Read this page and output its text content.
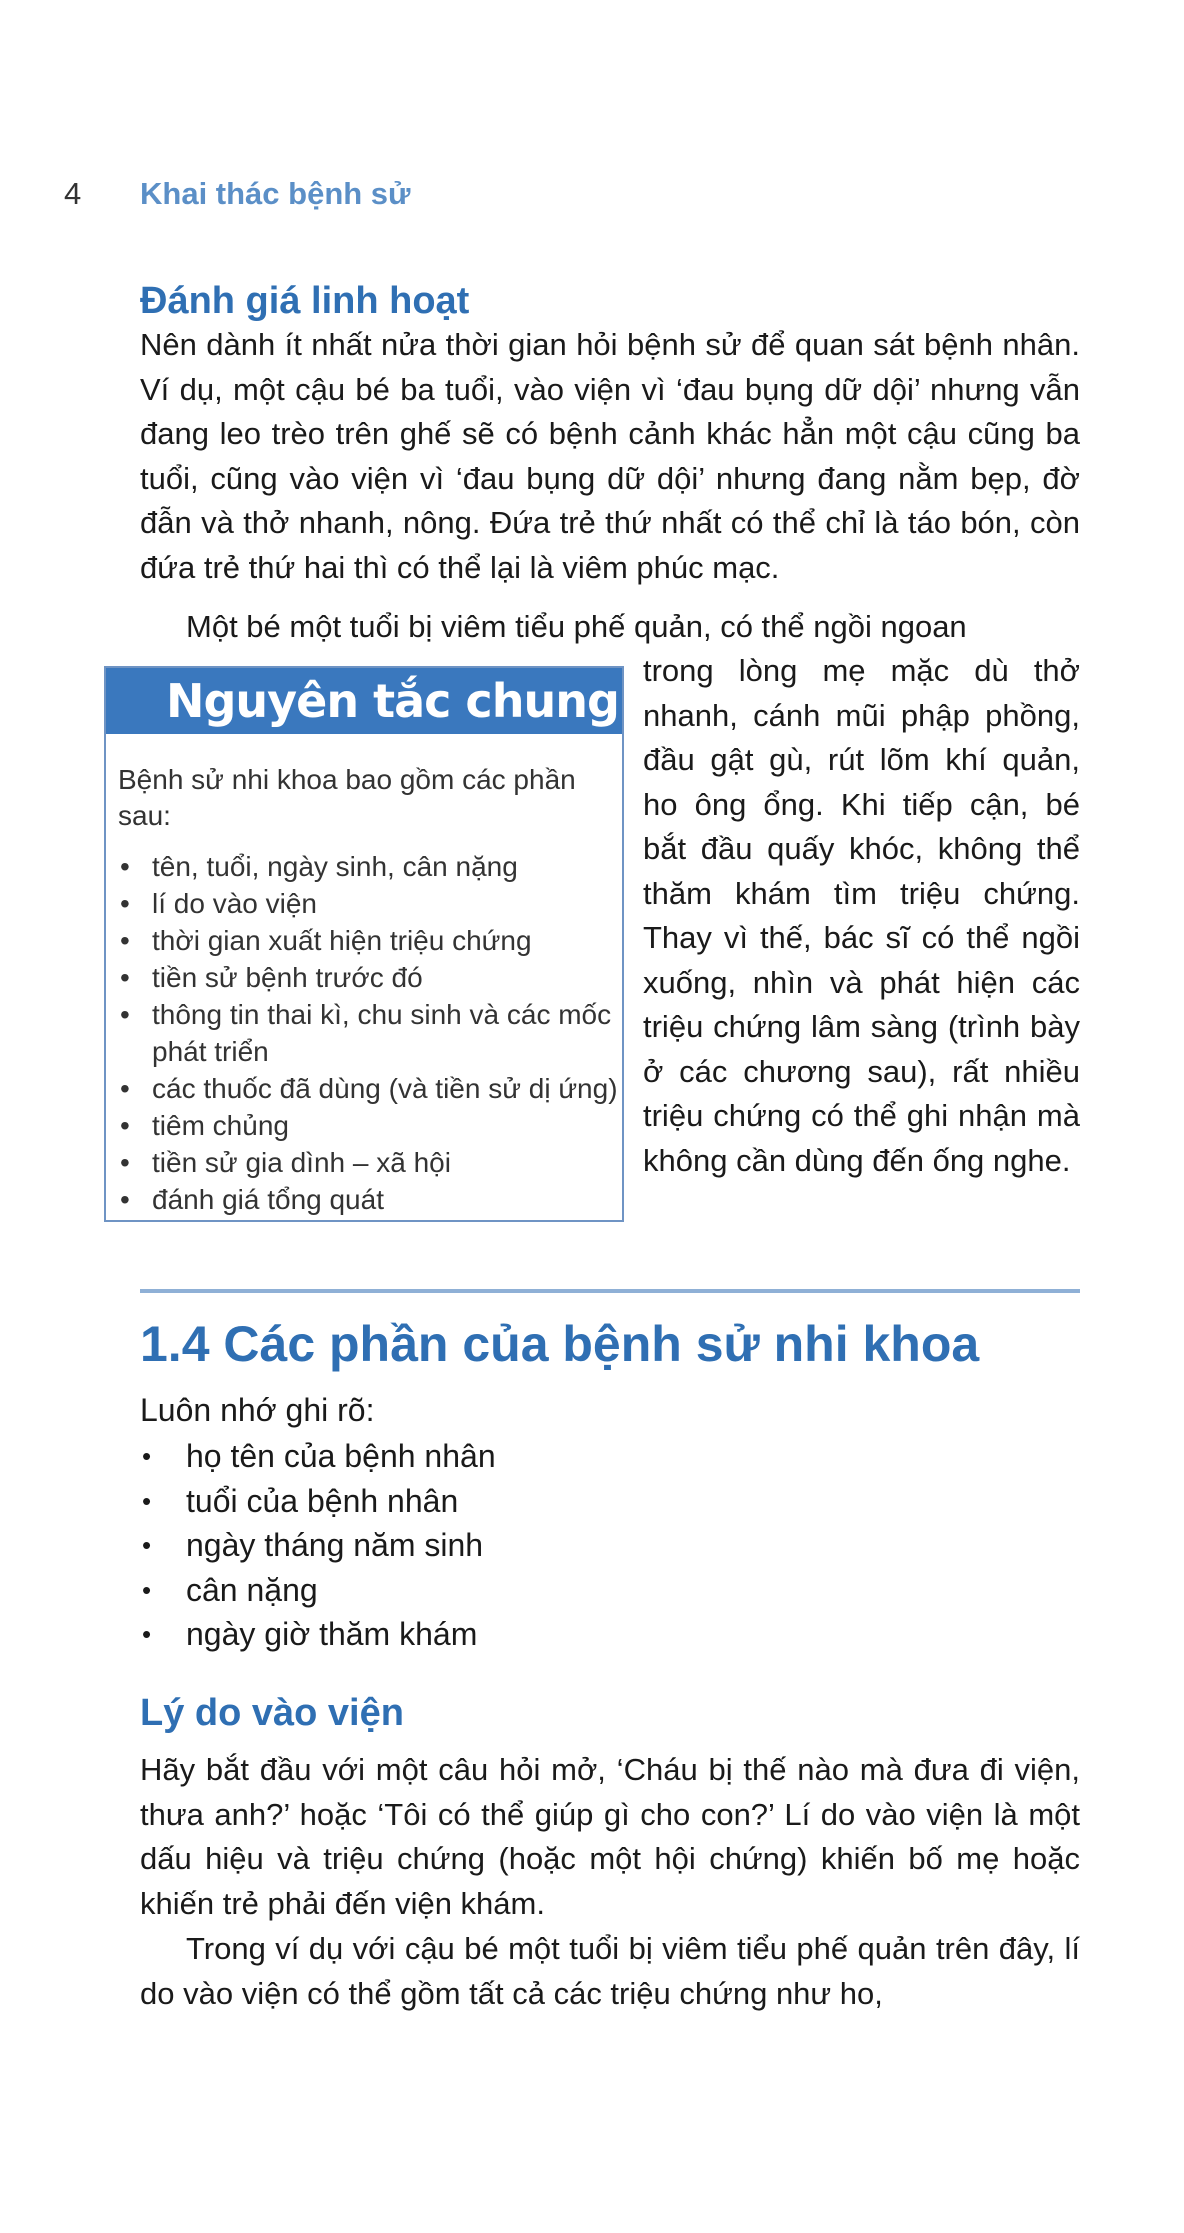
4 Khai thác bệnh sử
Đánh giá linh hoạt

Nên dành ít nhất nửa thời gian hỏi bệnh sử để quan sát bệnh nhân. Ví dụ, một cậu bé ba tuổi, vào viện vì ‘đau bụng dữ dội’ nhưng vẫn đang leo trèo trên ghế sẽ có bệnh cảnh khác hẳn một cậu cũng ba tuổi, cũng vào viện vì ‘đau bụng dữ dội’ nhưng đang nằm bẹp, đờ đẫn và thở nhanh, nông. Đứa trẻ thứ nhất có thể chỉ là táo bón, còn đứa trẻ thứ hai thì có thể lại là viêm phúc mạc.

Một bé một tuổi bị viêm tiểu phế quản, có thể ngồi ngoan
Nguyên tắc chung
Bệnh sử nhi khoa bao gồm các phần sau:
• tên, tuổi, ngày sinh, cân nặng
• lí do vào viện
• thời gian xuất hiện triệu chứng
• tiền sử bệnh trước đó
• thông tin thai kì, chu sinh và các mốc phát triển
• các thuốc đã dùng (và tiền sử dị ứng)
• tiêm chủng
• tiền sử gia dình – xã hội
• đánh giá tổng quát

trong lòng mẹ mặc dù thở nhanh, cánh mũi phập phồng, đầu gật gù, rút lõm khí quản, ho ông ổng. Khi tiếp cận, bé bắt đầu quấy khóc, không thể thăm khám tìm triệu chứng. Thay vì thế, bác sĩ có thể ngồi xuống, nhìn và phát hiện các triệu chứng lâm sàng (trình bày ở các chương sau), rất nhiều triệu chứng có thể ghi nhận mà không cần dùng đến ống nghe.

1.4 Các phần của bệnh sử nhi khoa
Luôn nhớ ghi rõ:
• họ tên của bệnh nhân
• tuổi của bệnh nhân
• ngày tháng năm sinh
• cân nặng
• ngày giờ thăm khám
Lý do vào viện

Hãy bắt đầu với một câu hỏi mở, ‘Cháu bị thế nào mà đưa đi viện, thưa anh?’ hoặc ‘Tôi có thể giúp gì cho con?’ Lí do vào viện là một dấu hiệu và triệu chứng (hoặc một hội chứng) khiến bố mẹ hoặc khiến trẻ phải đến viện khám.

Trong ví dụ với cậu bé một tuổi bị viêm tiểu phế quản trên đây, lí do vào viện có thể gồm tất cả các triệu chứng như ho,
